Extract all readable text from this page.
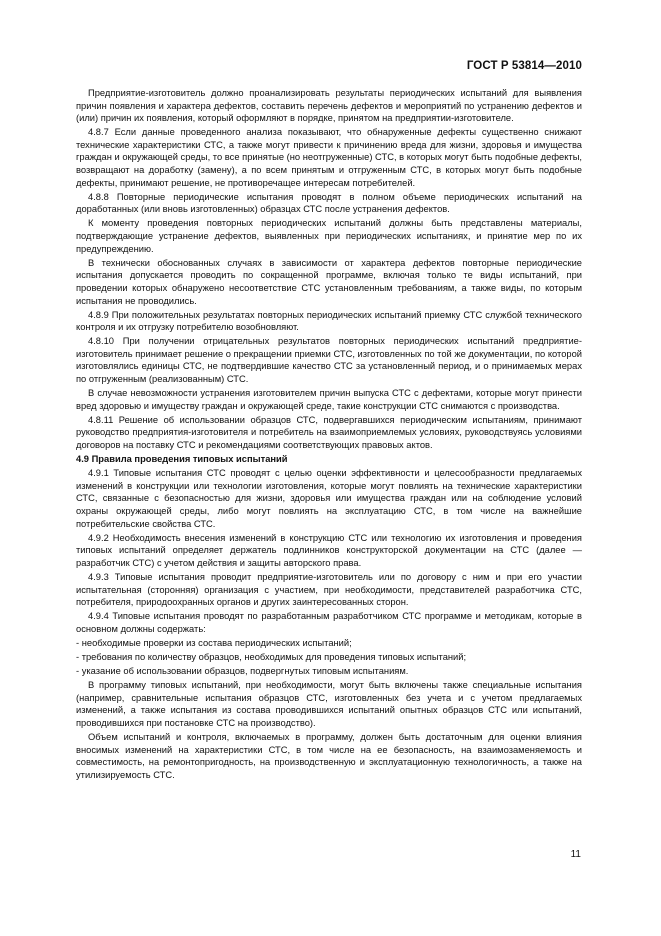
ГОСТ Р 53814—2010

Предприятие-изготовитель должно проанализировать результаты периодических испытаний для выявления причин появления и характера дефектов, составить перечень дефектов и мероприятий по устранению дефектов и (или) причин их появления, который оформляют в порядке, принятом на предприятии-изготовителе.

4.8.7 Если данные проведенного анализа показывают, что обнаруженные дефекты существенно снижают технические характеристики СТС, а также могут привести к причинению вреда для жизни, здоровья и имущества граждан и окружающей среды, то все принятые (но неотгруженные) СТС, в которых могут быть подобные дефекты, возвращают на доработку (замену), а по всем принятым и отгруженным СТС, в которых могут быть подобные дефекты, принимают решение, не противоречащее интересам потребителей.

4.8.8 Повторные периодические испытания проводят в полном объеме периодических испытаний на доработанных (или вновь изготовленных) образцах СТС после устранения дефектов.

К моменту проведения повторных периодических испытаний должны быть представлены материалы, подтверждающие устранение дефектов, выявленных при периодических испытаниях, и принятие мер по их предупреждению.

В технически обоснованных случаях в зависимости от характера дефектов повторные периодические испытания допускается проводить по сокращенной программе, включая только те виды испытаний, при проведении которых обнаружено несоответствие СТС установленным требованиям, а также виды, по которым испытания не проводились.

4.8.9 При положительных результатах повторных периодических испытаний приемку СТС службой технического контроля и их отгрузку потребителю возобновляют.

4.8.10 При получении отрицательных результатов повторных периодических испытаний предприятие-изготовитель принимает решение о прекращении приемки СТС, изготовленных по той же документации, по которой изготовлялись единицы СТС, не подтвердившие качество СТС за установленный период, и о принимаемых мерах по отгруженным (реализованным) СТС.

В случае невозможности устранения изготовителем причин выпуска СТС с дефектами, которые могут принести вред здоровью и имуществу граждан и окружающей среде, такие конструкции СТС снимаются с производства.

4.8.11 Решение об использовании образцов СТС, подвергавшихся периодическим испытаниям, принимают руководство предприятия-изготовителя и потребитель на взаимоприемлемых условиях, руководствуясь условиями договоров на поставку СТС и рекомендациями соответствующих правовых актов.

4.9 Правила проведения типовых испытаний

4.9.1 Типовые испытания СТС проводят с целью оценки эффективности и целесообразности предлагаемых изменений в конструкции или технологии изготовления, которые могут повлиять на технические характеристики СТС, связанные с безопасностью для жизни, здоровья или имущества граждан или на соблюдение условий охраны окружающей среды, либо могут повлиять на эксплуатацию СТС, в том числе на важнейшие потребительские свойства СТС.

4.9.2 Необходимость внесения изменений в конструкцию СТС или технологию их изготовления и проведения типовых испытаний определяет держатель подлинников конструкторской документации на СТС (далее — разработчик СТС) с учетом действия и защиты авторского права.

4.9.3 Типовые испытания проводит предприятие-изготовитель или по договору с ним и при его участии испытательная (сторонняя) организация с участием, при необходимости, представителей разработчика СТС, потребителя, природоохранных органов и других заинтересованных сторон.

4.9.4 Типовые испытания проводят по разработанным разработчиком СТС программе и методикам, которые в основном должны содержать:

- необходимые проверки из состава периодических испытаний;

- требования по количеству образцов, необходимых для проведения типовых испытаний;

- указание об использовании образцов, подвергнутых типовым испытаниям.

В программу типовых испытаний, при необходимости, могут быть включены также специальные испытания (например, сравнительные испытания образцов СТС, изготовленных без учета и с учетом предлагаемых изменений, а также испытания из состава проводившихся испытаний опытных образцов СТС или испытаний, проводившихся при постановке СТС на производство).

Объем испытаний и контроля, включаемых в программу, должен быть достаточным для оценки влияния вносимых изменений на характеристики СТС, в том числе на ее безопасность, на взаимозаменяемость и совместимость, на ремонтопригодность, на производственную и эксплуатационную технологичность, а также на утилизируемость СТС.

11
